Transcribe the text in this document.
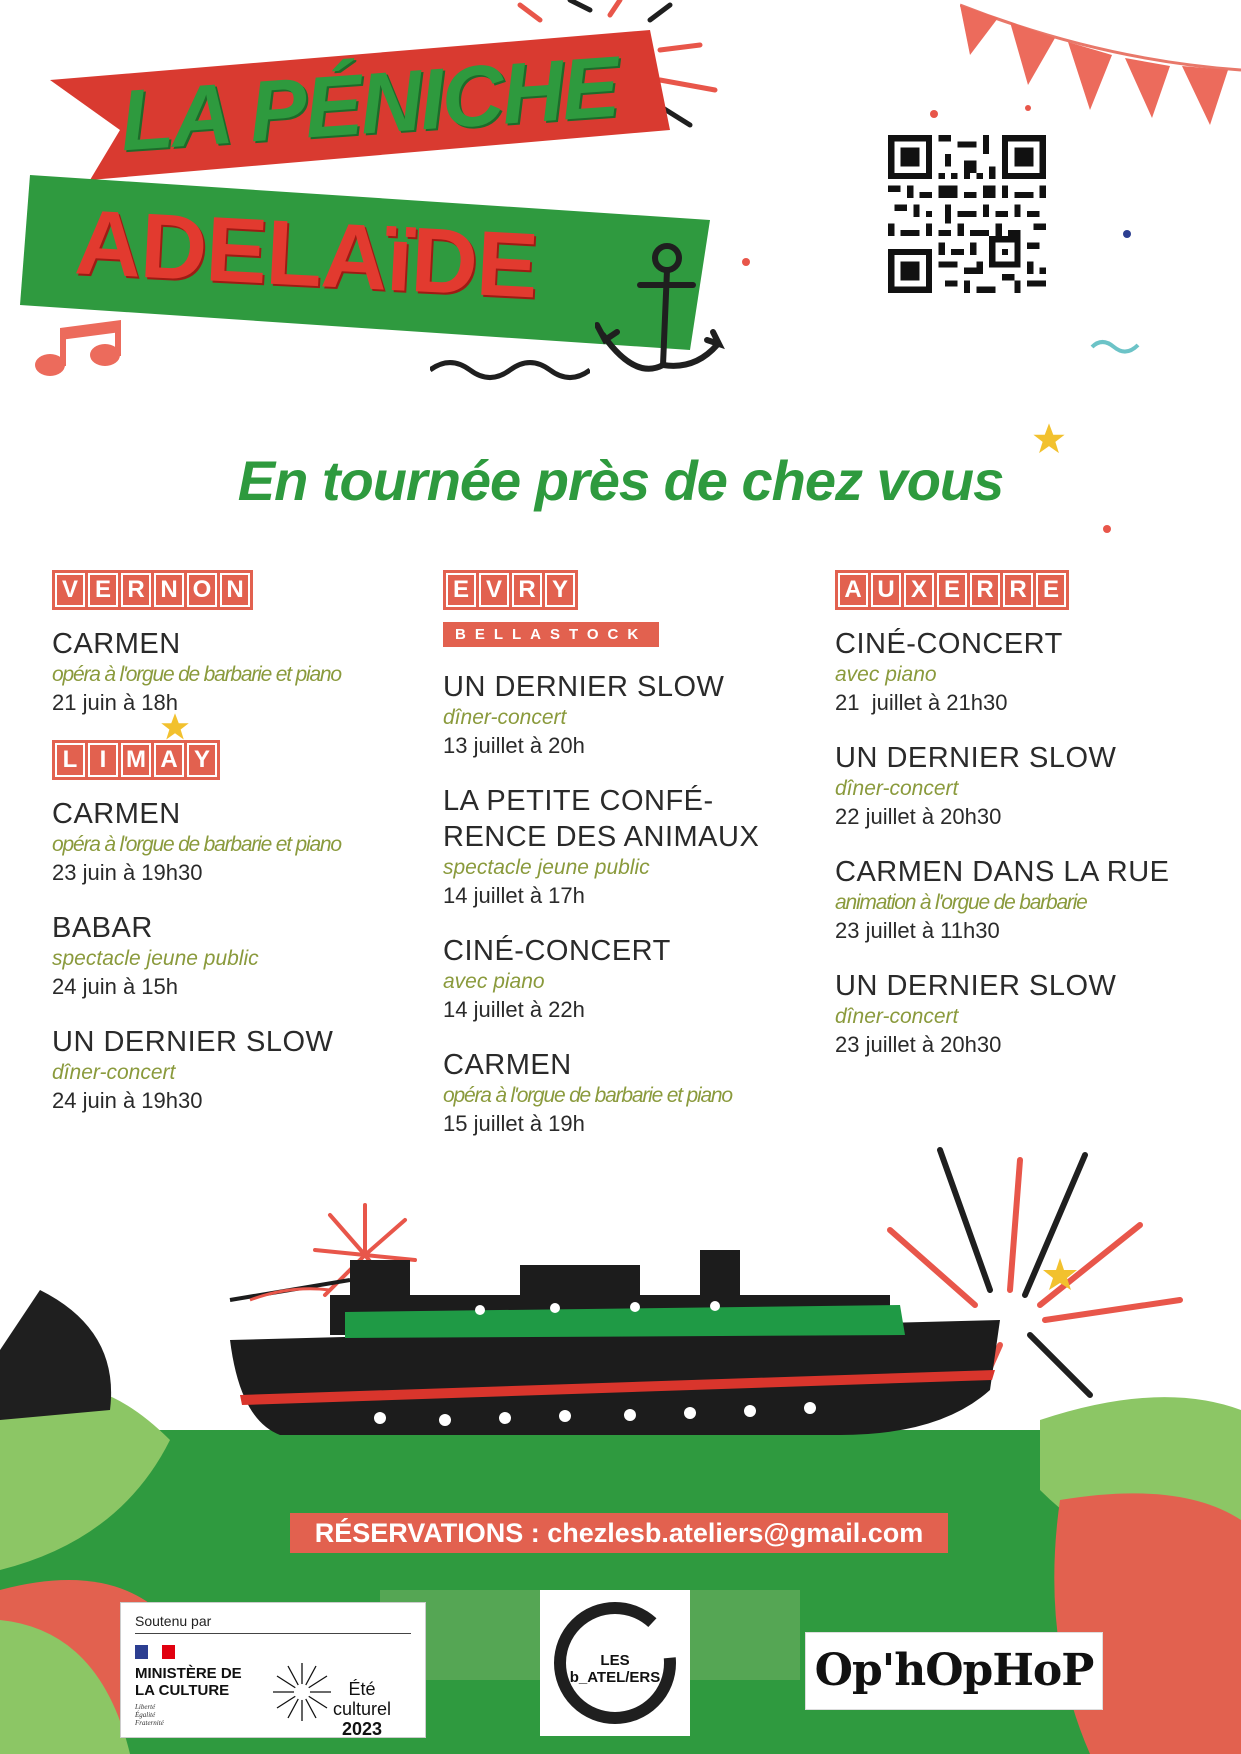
LA PÉNICHE
ADELAïDE
En tournée près de chez vous
V E R N O N
CARMEN
opéra à l'orgue de barbarie et piano
21 juin à 18h
L I M A Y
CARMEN
opéra à l'orgue de barbarie et piano
23 juin à 19h30
BABAR
spectacle jeune public
24 juin à 15h
UN DERNIER SLOW
dîner-concert
24 juin à 19h30
E V R Y

BELLASTOCK
UN DERNIER SLOW
dîner-concert
13 juillet à 20h
LA PETITE CONFÉ-RENCE DES ANIMAUX
spectacle jeune public
14 juillet à 17h
CINÉ-CONCERT
avec piano
14 juillet à 22h
CARMEN
opéra à l'orgue de barbarie et piano
15 juillet à 19h
A U X E R R E
CINÉ-CONCERT
avec piano
21  juillet à 21h30
UN DERNIER SLOW
dîner-concert
22 juillet à 20h30
CARMEN DANS LA RUE
animation à l'orgue de barbarie
23 juillet à 11h30
UN DERNIER SLOW
dîner-concert
23 juillet à 20h30
RÉSERVATIONS : chezlesb.ateliers@gmail.com
Soutenu par
MINISTÈRE DE LA CULTURE
Liberté Égalité Fraternité
Été
culturel
2023
LES b_ATEL/ERS	Op'hOpHoP
